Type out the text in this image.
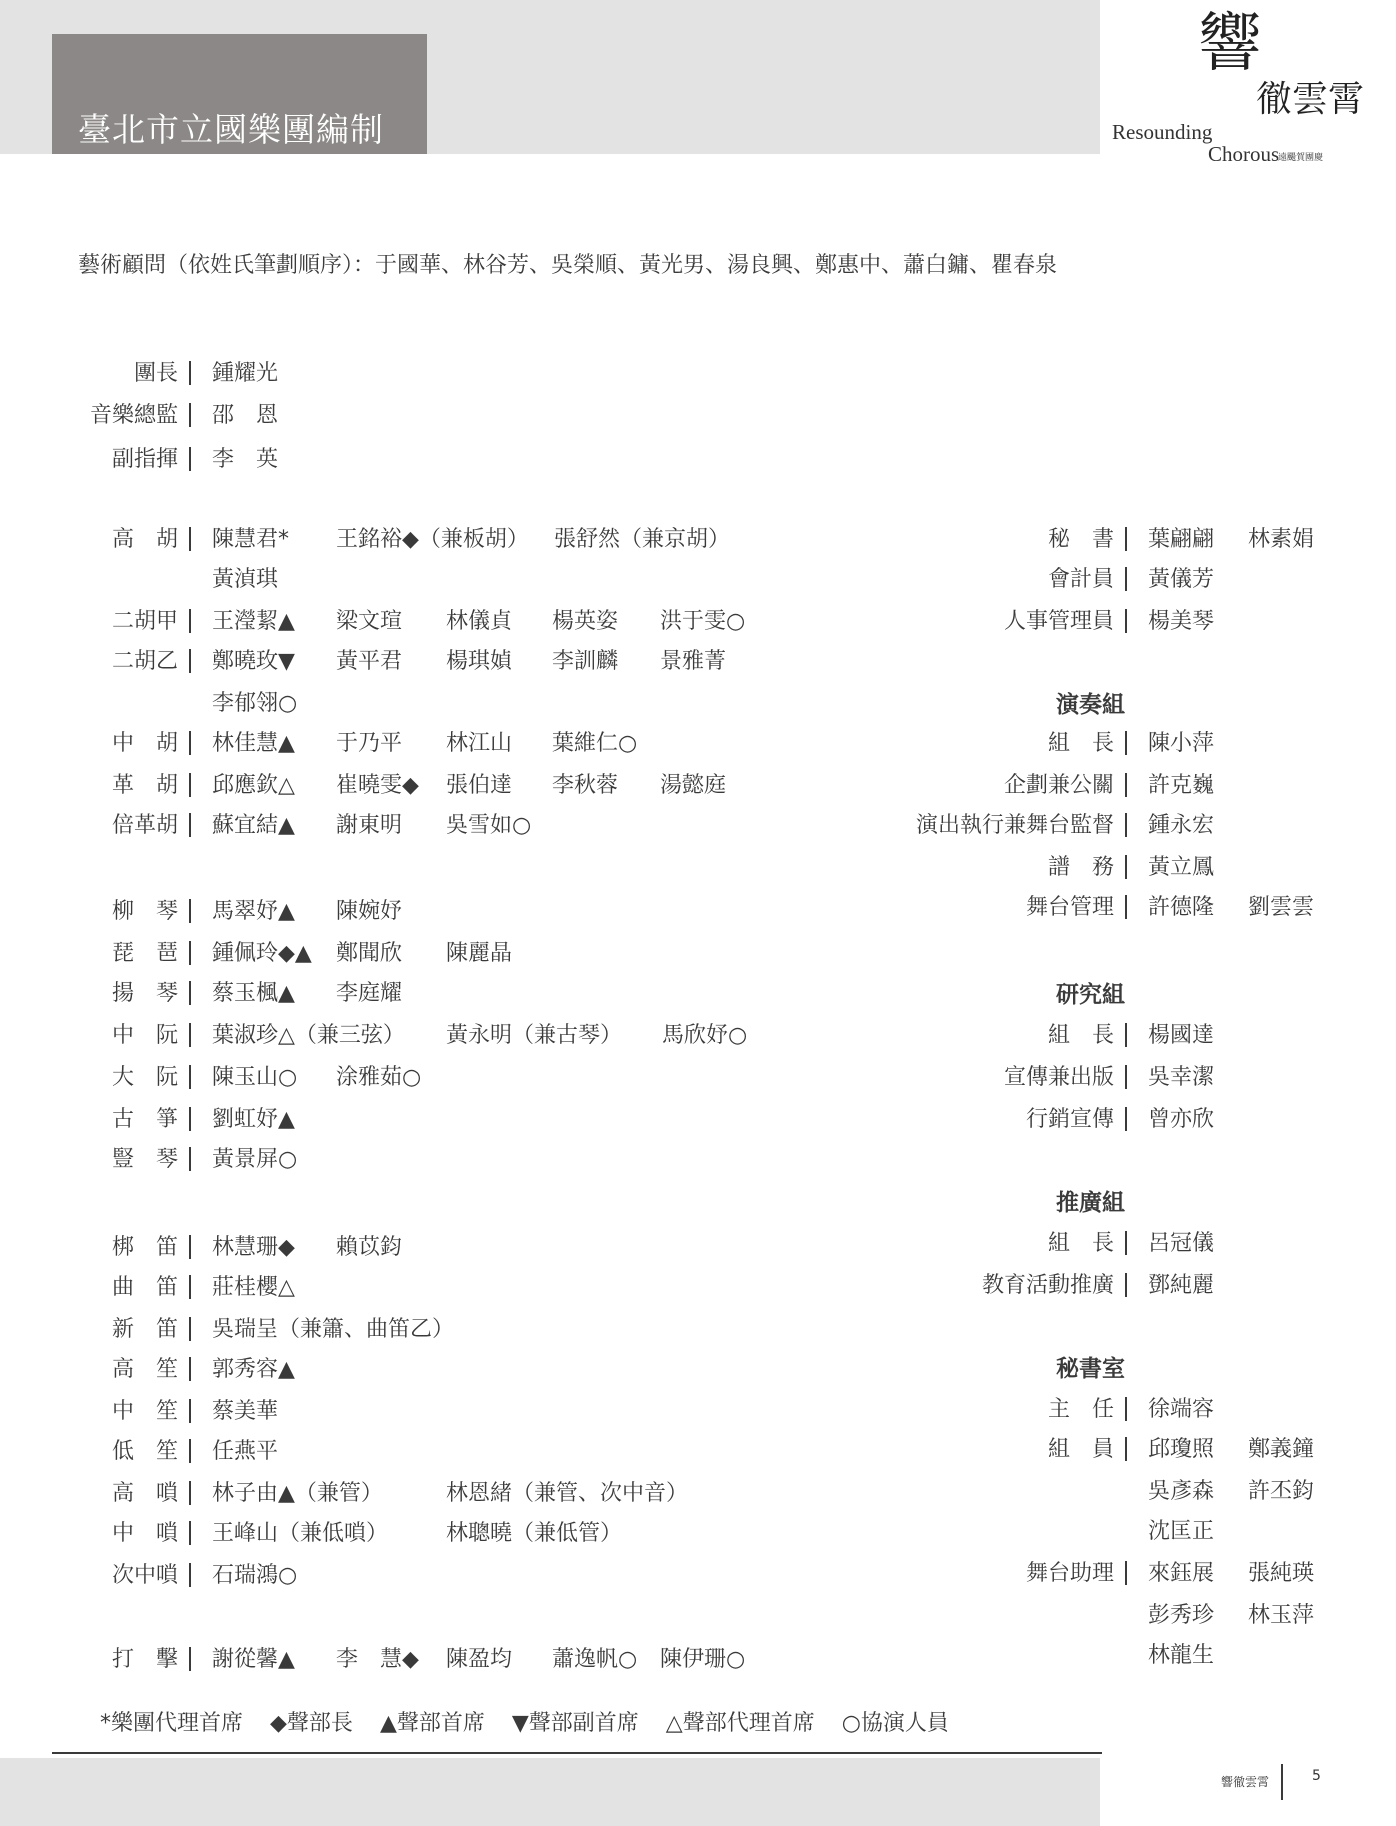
臺北市立國樂團編制
響
徹雲霄
Resounding
Chorous
遠颺賀團慶
藝術顧問（依姓氏筆劃順序）：于國華、林谷芳、吳榮順、黃光男、湯良興、鄭惠中、蕭白鏞、瞿春泉
團長 鍾耀光
音樂總監 邵　恩
副指揮 李　英
高　胡 陳慧君* 王銘裕◆（兼板胡） 張舒然（兼京胡）
黃湞琪
二胡甲 王瀅絜▲ 梁文瑄 林儀貞 楊英姿 洪于雯○
二胡乙 鄭曉玫▼ 黃平君 楊琪媜 李訓麟 景雅菁
李郁翎○
中　胡 林佳慧▲ 于乃平 林江山 葉維仁○
革　胡 邱應欽△ 崔曉雯◆ 張伯達 李秋蓉 湯懿庭
倍革胡 蘇宜結▲ 謝東明 吳雪如○
柳　琴 馬翠妤▲ 陳婉妤
琵　琶 鍾佩玲◆▲ 鄭聞欣 陳麗晶
揚　琴 蔡玉楓▲ 李庭耀
中　阮 葉淑珍△（兼三弦） 黃永明（兼古琴） 馬欣妤○
大　阮 陳玉山○ 涂雅茹○
古　箏 劉虹妤▲
豎　琴 黃景屏○
梆　笛 林慧珊◆ 賴苡鈞
曲　笛 莊桂櫻△
新　笛 吳瑞呈（兼簫、曲笛乙）
高　笙 郭秀容▲
中　笙 蔡美華
低　笙 任燕平
高　嗩 林子由▲（兼管）	林恩緒（兼管、次中音）
中　嗩 王峰山（兼低嗩）	林聰曉（兼低管）
次中嗩 石瑞鴻○
打　擊 謝從馨▲ 李　慧◆ 陳盈均 蕭逸帆○ 陳伊珊○
秘　書 葉翩翩 林素娟
會計員 黃儀芳
人事管理員 楊美琴
演奏組
組　長 陳小萍
企劃兼公關 許克巍
演出執行兼舞台監督 鍾永宏
譜　務 黃立鳳
舞台管理 許德隆 劉雲雲
研究組
組　長 楊國達
宣傳兼出版 吳幸潔
行銷宣傳 曾亦欣
推廣組
組　長 呂冠儀
教育活動推廣 鄧純麗
秘書室
主　任 徐端容
組　員 邱瓊照 鄭義鐘
吳彥森 許丕鈞
沈匡正
舞台助理 來鈺展 張純瑛
彭秀珍 林玉萍
林龍生
*樂團代理首席 ◆聲部長 ▲聲部首席 ▼聲部副首席 △聲部代理首席 ○協演人員
響徹雲霄	5
